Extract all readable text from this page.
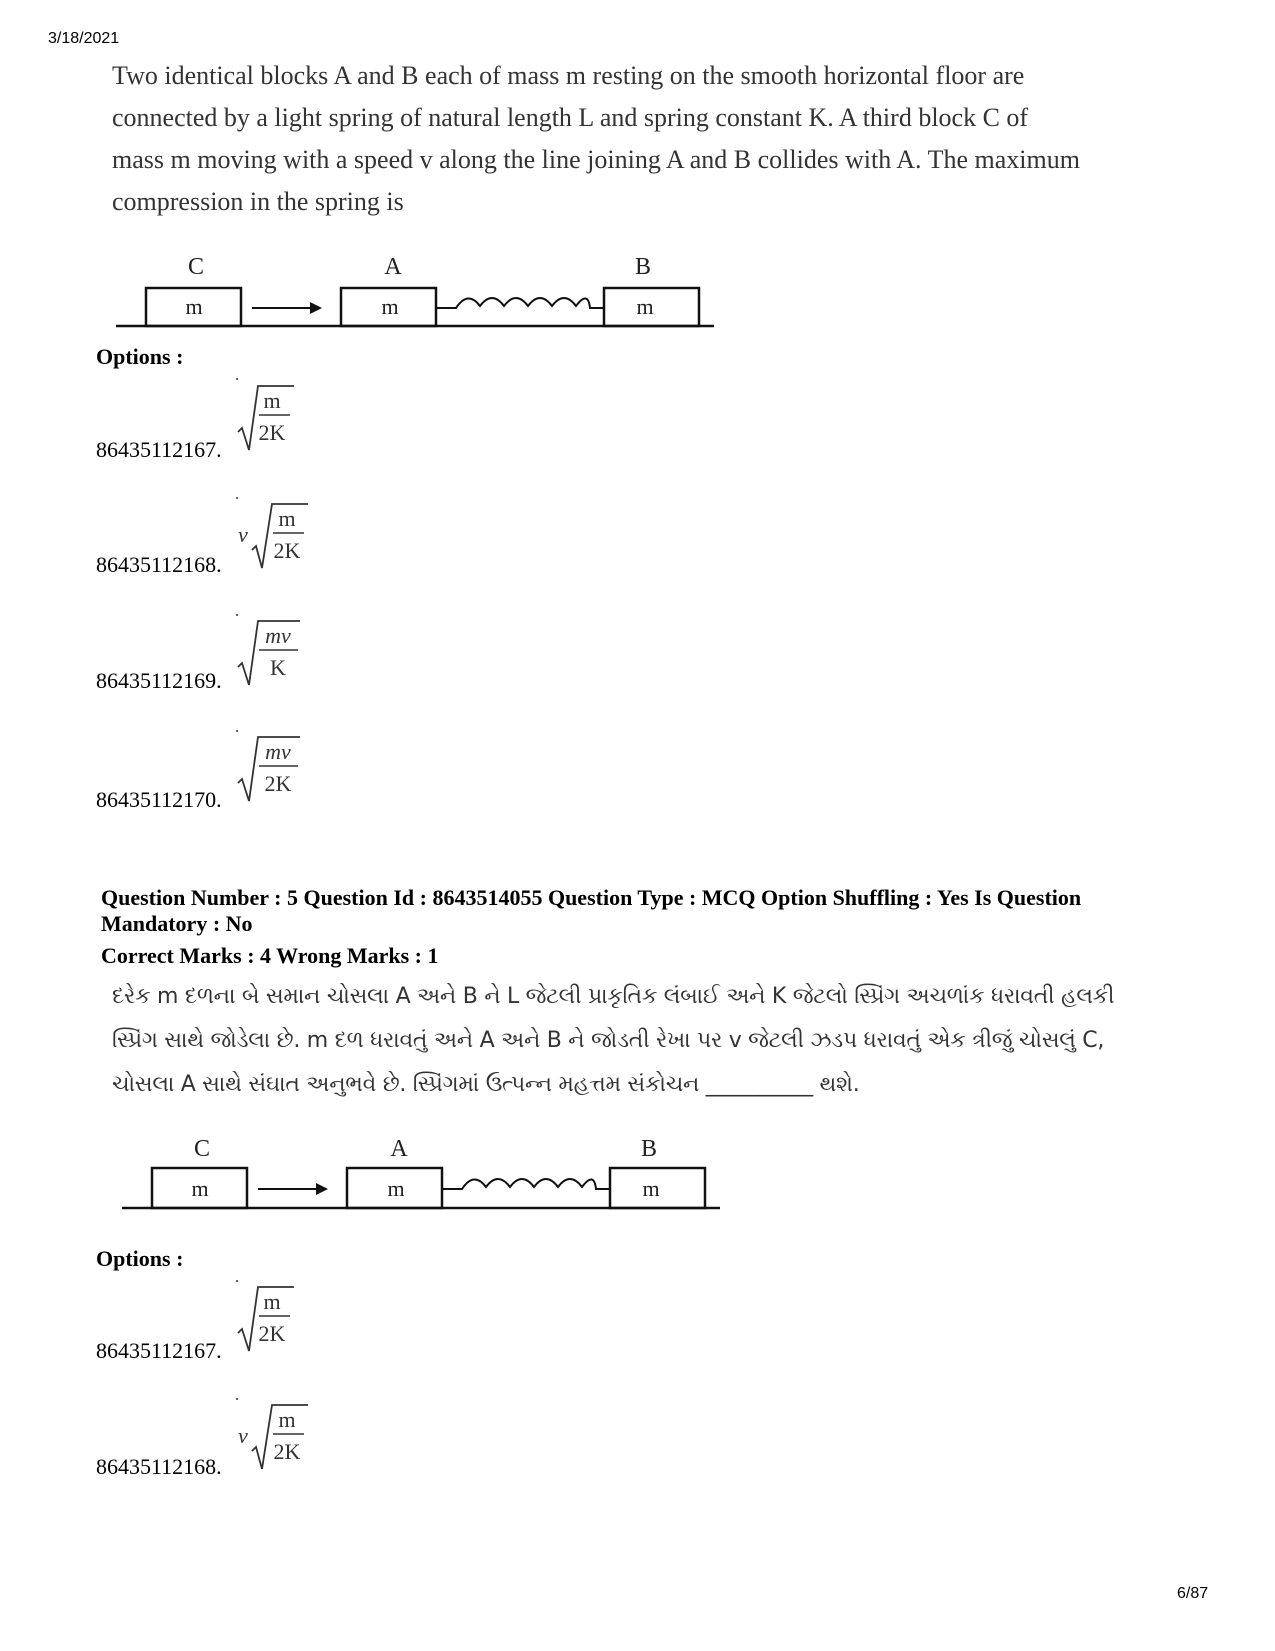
3/18/2021
Two identical blocks A and B each of mass m resting on the smooth horizontal floor are
connected by a light spring of natural length L and spring constant K. A third block C of
mass m moving with a speed v along the line joining A and B collides with A. The maximum
compression in the spring is
C	A	B
m	m	m
Options :
86435112167.
m
2K
86435112168.
v
m
2K
86435112169.
mv
K
86435112170.
mv
2K
Question Number : 5 Question Id : 8643514055 Question Type : MCQ Option Shuffling : Yes Is Question
Mandatory : No
Correct Marks : 4 Wrong Marks : 1
દરેક m દળના બે સમાન ચોસલા A અને B ને L જેટલી પ્રાકૃતિક લંબાઈ અને K જેટલો સ્પ્રિંગ અચળાંક ધરાવતી હલકી
સ્પ્રિંગ સાથે જોડેલા છે. m દળ ધરાવતું અને A અને B ને જોડતી રેખા પર v જેટલી ઝડપ ધરાવતું એક ત્રીજું ચોસલું C,
ચોસલા A સાથે સંઘાત અનુભવે છે. સ્પ્રિંગમાં ઉત્પન્ન મહત્તમ સંકોચન __________ થશે.
C	A	B
m	m	m
Options :
86435112167.
m
2K
86435112168.
v
m
2K
6/87
